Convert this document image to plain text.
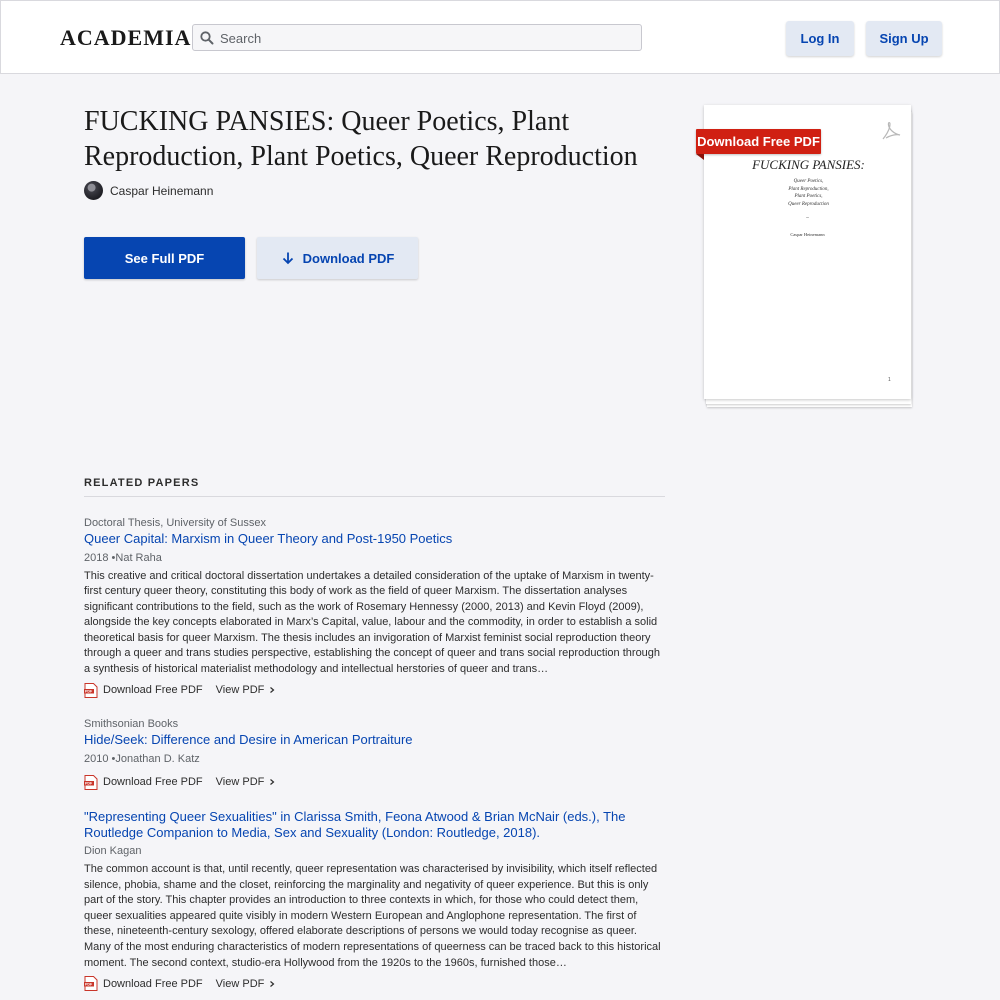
ACADEMIA Search	Log In	Sign Up
FUCKING PANSIES: Queer Poetics, Plant Reproduction, Plant Poetics, Queer Reproduction
Caspar Heinemann
See Full PDF	Download PDF
FUCKING PANSIES:
Queer Poetics,
Plant Reproduction,
Plant Poetics,
Queer Reproduction
–
Caspar Heinemann
1
Download Free PDF
RELATED PAPERS
Doctoral Thesis, University of Sussex
Queer Capital: Marxism in Queer Theory and Post-1950 Poetics
2018 •Nat Raha
This creative and critical doctoral dissertation undertakes a detailed consideration of the uptake of Marxism in twenty-first century queer theory, constituting this body of work as the field of queer Marxism. The dissertation analyses significant contributions to the field, such as the work of Rosemary Hennessy (2000, 2013) and Kevin Floyd (2009), alongside the key concepts elaborated in Marx’s Capital, value, labour and the commodity, in order to establish a solid theoretical basis for queer Marxism. The thesis includes an invigoration of Marxist feminist social reproduction theory through a queer and trans studies perspective, establishing the concept of queer and trans social reproduction through a synthesis of historical materialist methodology and intellectual herstories of queer and trans…
PDF Download Free PDF View PDF
Smithsonian Books
Hide/Seek: Difference and Desire in American Portraiture
2010 •Jonathan D. Katz
PDF Download Free PDF View PDF
"Representing Queer Sexualities" in Clarissa Smith, Feona Atwood & Brian McNair (eds.), The Routledge Companion to Media, Sex and Sexuality (London: Routledge, 2018).
Dion Kagan
The common account is that, until recently, queer representation was characterised by invisibility, which itself reflected silence, phobia, shame and the closet, reinforcing the marginality and negativity of queer experience. But this is only part of the story. This chapter provides an introduction to three contexts in which, for those who could detect them, queer sexualities appeared quite visibly in modern Western European and Anglophone representation. The first of these, nineteenth-century sexology, offered elaborate descriptions of persons we would today recognise as queer. Many of the most enduring characteristics of modern representations of queerness can be traced back to this historical moment. The second context, studio-era Hollywood from the 1920s to the 1960s, furnished those…
PDF Download Free PDF View PDF
